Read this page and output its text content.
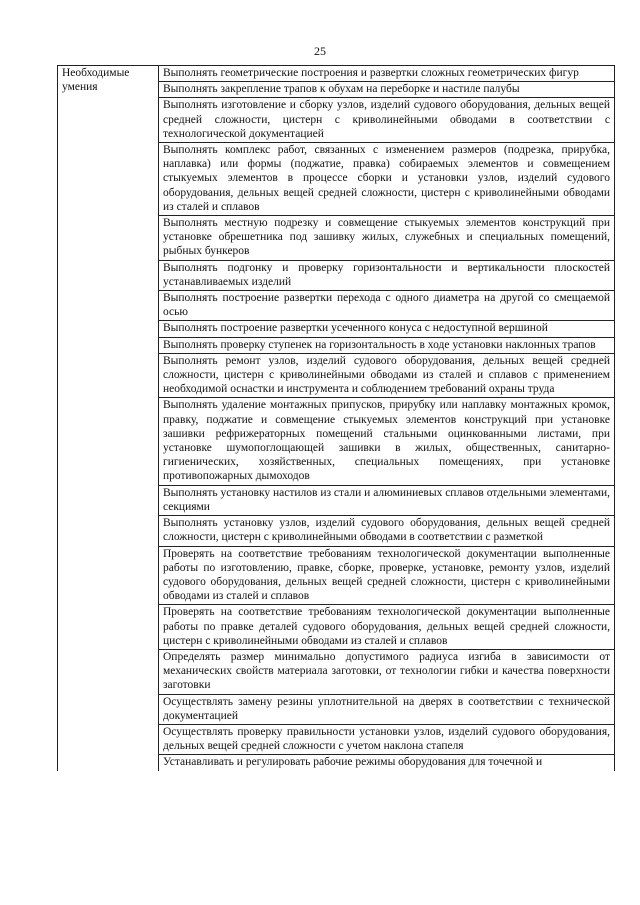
25
Необходимые умения	Выполнять геометрические построения и развертки сложных геометрических фигур
Выполнять закрепление трапов к обухам на переборке и настиле палубы
Выполнять изготовление и сборку узлов, изделий судового оборудования, дельных вещей средней сложности, цистерн с криволинейными обводами в соответствии с технологической документацией
Выполнять комплекс работ, связанных с изменением размеров (подрезка, прирубка, наплавка) или формы (поджатие, правка) собираемых элементов и совмещением стыкуемых элементов в процессе сборки и установки узлов, изделий судового оборудования, дельных вещей средней сложности, цистерн с криволинейными обводами из сталей и сплавов
Выполнять местную подрезку и совмещение стыкуемых элементов конструкций при установке обрешетника под зашивку жилых, служебных и специальных помещений, рыбных бункеров
Выполнять подгонку и проверку горизонтальности и вертикальности плоскостей устанавливаемых изделий
Выполнять построение развертки перехода с одного диаметра на другой со смещаемой осью
Выполнять построение развертки усеченного конуса с недоступной вершиной
Выполнять проверку ступенек на горизонтальность в ходе установки наклонных трапов
Выполнять ремонт узлов, изделий судового оборудования, дельных вещей средней сложности, цистерн с криволинейными обводами из сталей и сплавов с применением необходимой оснастки и инструмента и соблюдением требований охраны труда
Выполнять удаление монтажных припусков, прирубку или наплавку монтажных кромок, правку, поджатие и совмещение стыкуемых элементов конструкций при установке зашивки рефрижераторных помещений стальными оцинкованными листами, при установке шумопоглощающей зашивки в жилых, общественных, санитарно-гигиенических, хозяйственных, специальных помещениях, при установке противопожарных дымоходов
Выполнять установку настилов из стали и алюминиевых сплавов отдельными элементами, секциями
Выполнять установку узлов, изделий судового оборудования, дельных вещей средней сложности, цистерн с криволинейными обводами в соответствии с разметкой
Проверять на соответствие требованиям технологической документации выполненные работы по изготовлению, правке, сборке, проверке, установке, ремонту узлов, изделий судового оборудования, дельных вещей средней сложности, цистерн с криволинейными обводами из сталей и сплавов
Проверять на соответствие требованиям технологической документации выполненные работы по правке деталей судового оборудования, дельных вещей средней сложности, цистерн с криволинейными обводами из сталей и сплавов
Определять размер минимально допустимого радиуса изгиба в зависимости от механических свойств материала заготовки, от технологии гибки и качества поверхности заготовки
Осуществлять замену резины уплотнительной на дверях в соответствии с технической документацией
Осуществлять проверку правильности установки узлов, изделий судового оборудования, дельных вещей средней сложности с учетом наклона стапеля
Устанавливать и регулировать рабочие режимы оборудования для точечной и
